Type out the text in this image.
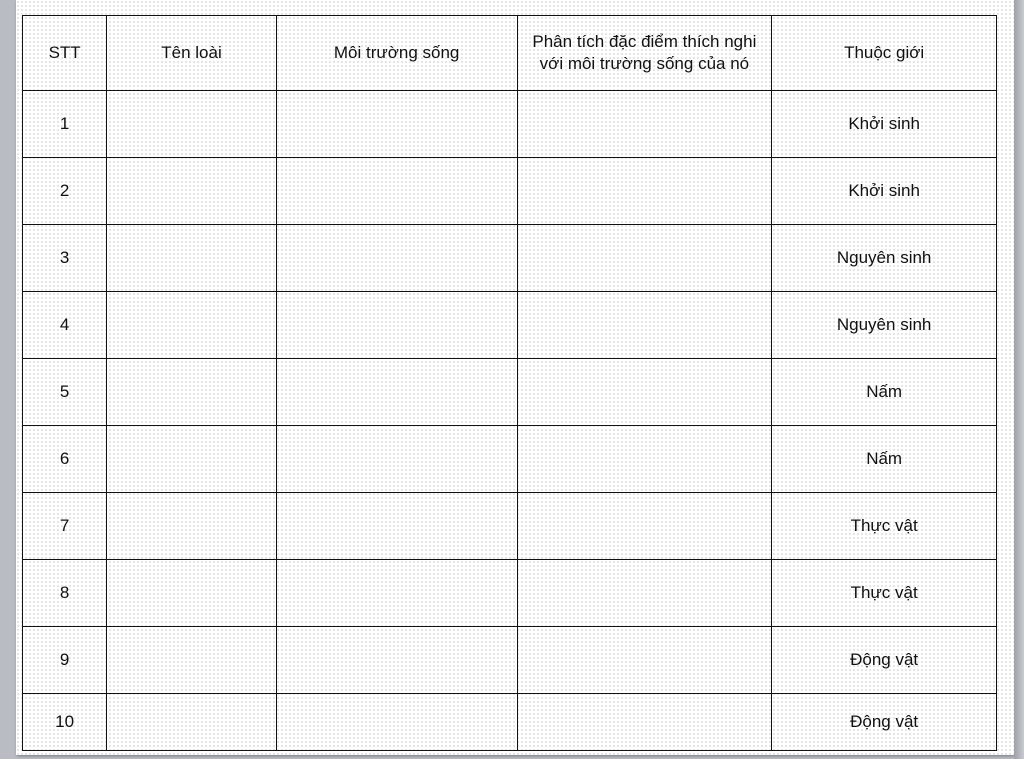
STT	Tên loài	Môi trường sống	Phân tích đặc điểm thích nghi với môi trường sống của nó	Thuộc giới
1				Khởi sinh
2				Khởi sinh
3				Nguyên sinh
4				Nguyên sinh
5				Nấm
6				Nấm
7				Thực vật
8				Thực vật
9				Động vật
10				Động vật
